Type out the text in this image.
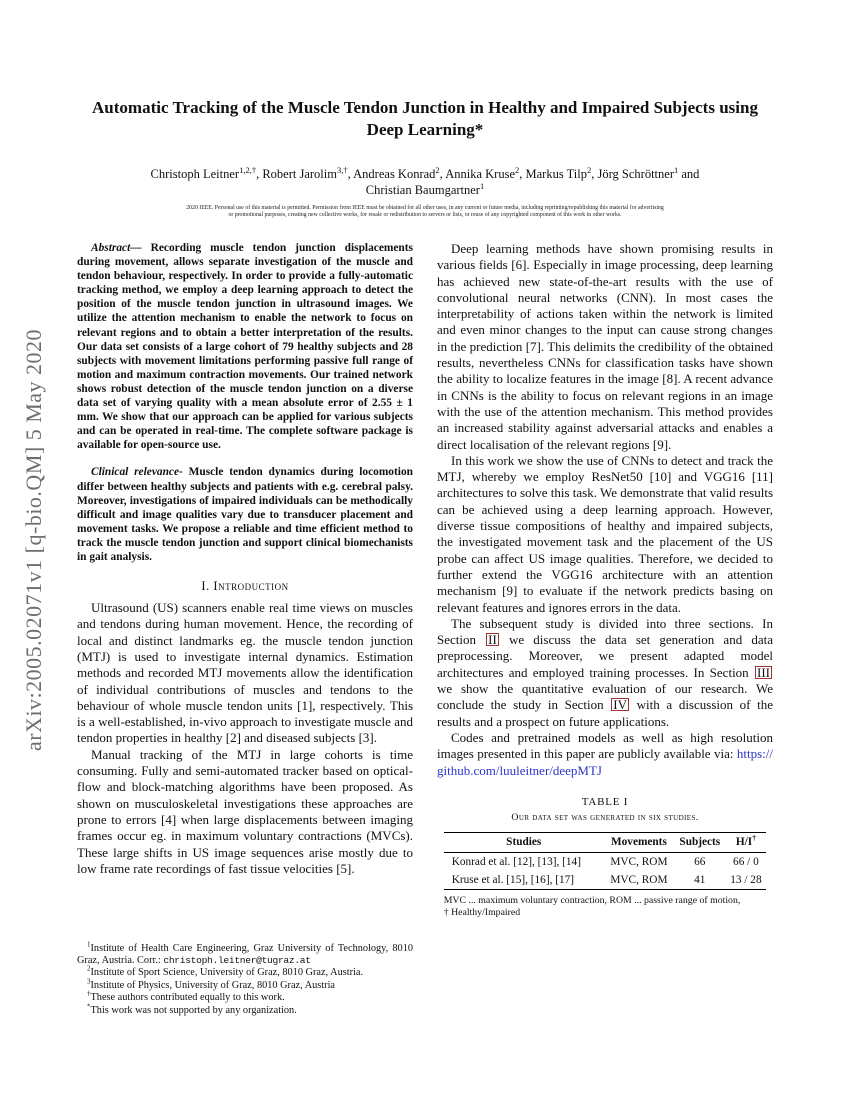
arXiv:2005.02071v1 [q-bio.QM] 5 May 2020
Automatic Tracking of the Muscle Tendon Junction in Healthy and Impaired Subjects using
Deep Learning*
Christoph Leitner$^{1,2,\dagger}$, Robert Jarolim$^{3,\dagger}$, Andreas Konrad$^2$, Annika Kruse$^2$, Markus Tilp$^2$, Jörg Schröttner$^1$ and
Christian Baumgartner$^1$
2020 IEEE. Personal use of this material is permitted. Permission from IEEE must be obtained for all other uses, in any current or future media, including reprinting/republishing this material for advertising
or promotional purposes, creating new collective works, for resale or redistribution to servers or lists, or reuse of any copyrighted component of this work in other works.

Abstract— Recording muscle tendon junction displacements during movement, allows separate investigation of the muscle and tendon behaviour, respectively. In order to provide a fully-automatic tracking method, we employ a deep learning approach to detect the position of the muscle tendon junction in ultrasound images. We utilize the attention mechanism to enable the network to focus on relevant regions and to obtain a better interpretation of the results. Our data set consists of a large cohort of 79 healthy subjects and 28 subjects with movement limitations performing passive full range of motion and maximum contraction movements. Our trained network shows robust detection of the muscle tendon junction on a diverse data set of varying quality with a mean absolute error of 2.55 ± 1 mm. We show that our approach can be applied for various subjects and can be operated in real-time. The complete software package is available for open-source use.

Clinical relevance- Muscle tendon dynamics during locomotion differ between healthy subjects and patients with e.g. cerebral palsy. Moreover, investigations of impaired individuals can be methodically difficult and image qualities vary due to transducer placement and movement tasks. We propose a reliable and time efficient method to track the muscle tendon junction and support clinical biomechanists in gait analysis.

I. Introduction

Ultrasound (US) scanners enable real time views on muscles and tendons during human movement. Hence, the recording of local and distinct landmarks eg. the muscle tendon junction (MTJ) is used to investigate internal dynamics. Estimation methods and recorded MTJ movements allow the identification of individual contributions of muscles and tendons to the behaviour of whole muscle tendon units [1], respectively. This is a well-established, in-vivo approach to investigate muscle and tendon properties in healthy [2] and diseased subjects [3].

Manual tracking of the MTJ in large cohorts is time consuming. Fully and semi-automated tracker based on optical-flow and block-matching algorithms have been proposed. As shown on musculoskeletal investigations these approaches are prone to errors [4] when large displacements between imaging frames occur eg. in maximum voluntary contractions (MVCs). These large shifts in US image sequences arise mostly due to low frame rate recordings of fast tissue velocities [5].

$^1$Institute of Health Care Engineering, Graz University of Technology, 8010 Graz, Austria. Corr.: christoph.leitner@tugraz.at
$^2$Institute of Sport Science, University of Graz, 8010 Graz, Austria.
$^3$Institute of Physics, University of Graz, 8010 Graz, Austria
†These authors contributed equally to this work.
*This work was not supported by any organization.

Deep learning methods have shown promising results in various fields [6]. Especially in image processing, deep learning has achieved new state-of-the-art results with the use of convolutional neural networks (CNN). In most cases the interpretability of actions taken within the network is limited and even minor changes to the input can cause strong changes in the prediction [7]. This delimits the credibility of the obtained results, nevertheless CNNs for classification tasks have shown the ability to localize features in the image [8]. A recent advance in CNNs is the ability to focus on relevant regions in an image with the use of the attention mechanism. This method provides an increased stability against adversarial attacks and enables a direct localisation of the relevant regions [9].

In this work we show the use of CNNs to detect and track the MTJ, whereby we employ ResNet50 [10] and VGG16 [11] architectures to solve this task. We demonstrate that valid results can be achieved using a deep learning approach. However, diverse tissue compositions of healthy and impaired subjects, the investigated movement task and the placement of the US probe can affect US image qualities. Therefore, we decided to further extend the VGG16 architecture with an attention mechanism [9] to evaluate if the network predicts basing on relevant features and ignores errors in the data.

The subsequent study is divided into three sections. In Section II we discuss the data set generation and data preprocessing. Moreover, we present adapted model architectures and employed training processes. In Section III we show the quantitative evaluation of our research. We conclude the study in Section IV with a discussion of the results and a prospect on future applications.

Codes and pretrained models as well as high resolution images presented in this paper are publicly available via: https://github.com/luuleitner/deepMTJ

TABLE I
Our data set was generated in six studies.
Studies	Movements	Subjects	H/I†
Konrad et al. [12], [13], [14]	MVC, ROM	66	66 / 0
Kruse et al. [15], [16], [17]	MVC, ROM	41	13 / 28
MVC ... maximum voluntary contraction, ROM ... passive range of motion,
† Healthy/Impaired
